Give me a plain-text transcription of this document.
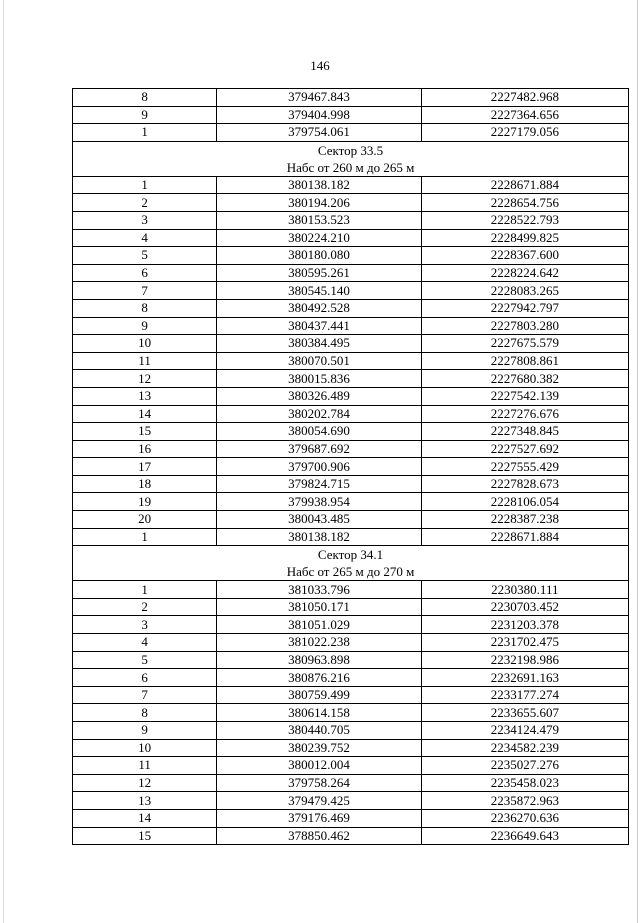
146
8	379467.843	2227482.968
9	379404.998	2227364.656
1	379754.061	2227179.056

Сектор 33.5
Набс от 260 м до 265 м		

1	380138.182	2228671.884
2	380194.206	2228654.756
3	380153.523	2228522.793
4	380224.210	2228499.825
5	380180.080	2228367.600
6	380595.261	2228224.642
7	380545.140	2228083.265
8	380492.528	2227942.797
9	380437.441	2227803.280
10	380384.495	2227675.579
11	380070.501	2227808.861
12	380015.836	2227680.382
13	380326.489	2227542.139
14	380202.784	2227276.676
15	380054.690	2227348.845
16	379687.692	2227527.692
17	379700.906	2227555.429
18	379824.715	2227828.673
19	379938.954	2228106.054
20	380043.485	2228387.238
1	380138.182	2228671.884

Сектор 34.1
Набс от 265 м до 270 м		

1	381033.796	2230380.111
2	381050.171	2230703.452
3	381051.029	2231203.378
4	381022.238	2231702.475
5	380963.898	2232198.986
6	380876.216	2232691.163
7	380759.499	2233177.274
8	380614.158	2233655.607
9	380440.705	2234124.479
10	380239.752	2234582.239
11	380012.004	2235027.276
12	379758.264	2235458.023
13	379479.425	2235872.963
14	379176.469	2236270.636
15	378850.462	2236649.643
